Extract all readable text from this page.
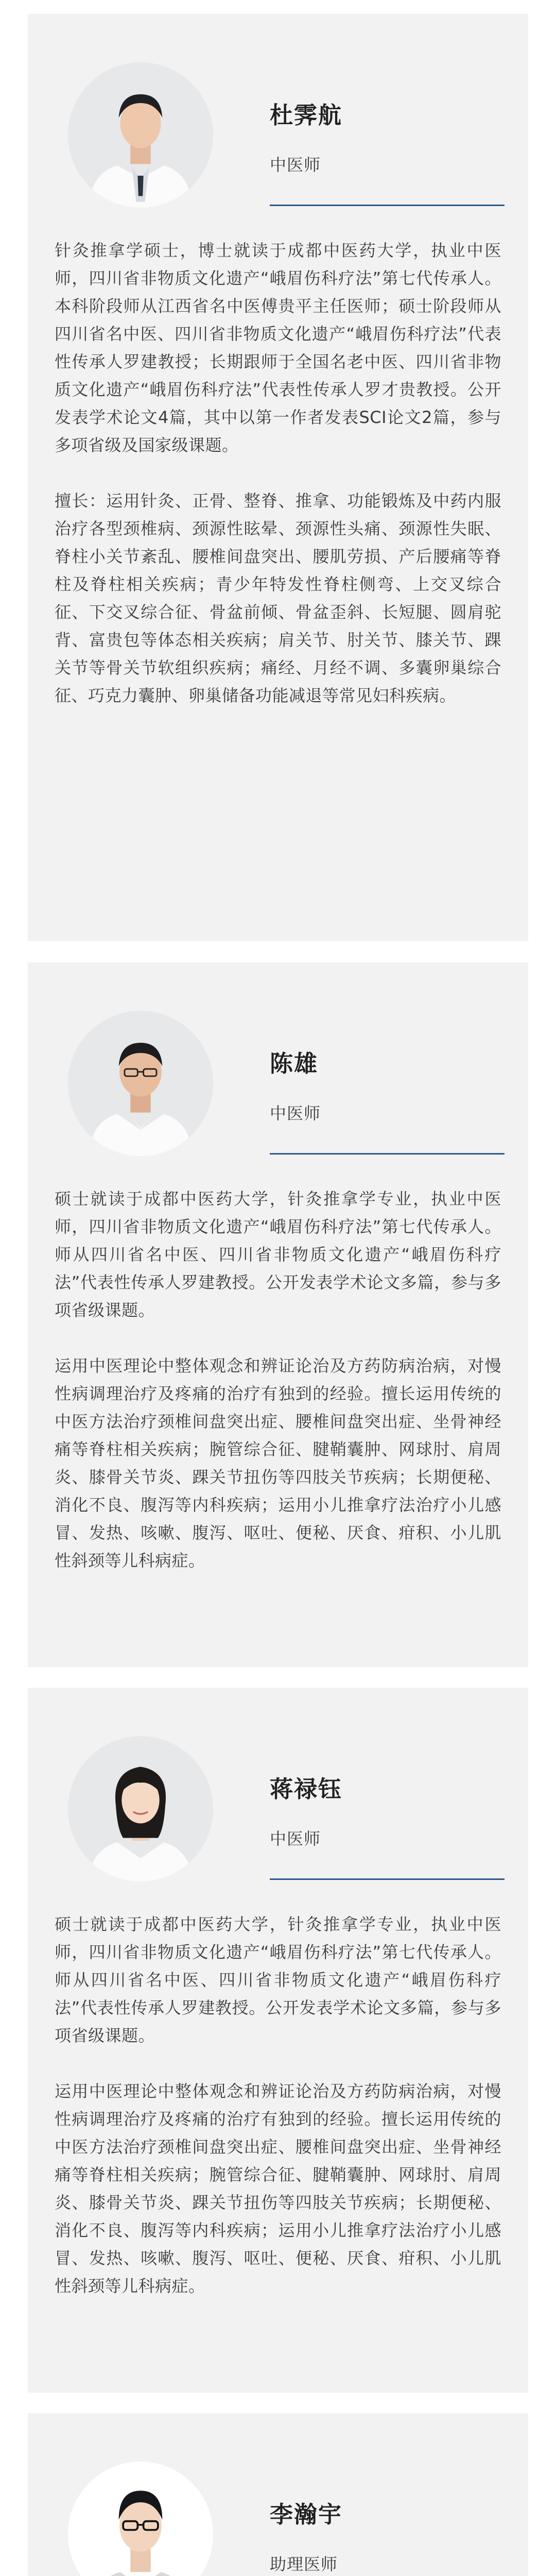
杜霁航
中医师

针灸推拿学硕士，博士就读于成都中医药大学，执业中医师，四川省非物质文化遗产“峨眉伤科疗法”第七代传承人。本科阶段师从江西省名中医傅贵平主任医师；硕士阶段师从四川省名中医、四川省非物质文化遗产“峨眉伤科疗法”代表性传承人罗建教授；长期跟师于全国名老中医、四川省非物质文化遗产“峨眉伤科疗法”代表性传承人罗才贵教授。公开发表学术论文4篇，其中以第一作者发表SCI论文2篇，参与多项省级及国家级课题。

擅长：运用针灸、正骨、整脊、推拿、功能锻炼及中药内服治疗各型颈椎病、颈源性眩晕、颈源性头痛、颈源性失眠、脊柱小关节紊乱、腰椎间盘突出、腰肌劳损、产后腰痛等脊柱及脊柱相关疾病；青少年特发性脊柱侧弯、上交叉综合征、下交叉综合征、骨盆前倾、骨盆歪斜、长短腿、圆肩驼背、富贵包等体态相关疾病；肩关节、肘关节、膝关节、踝关节等骨关节软组织疾病；痛经、月经不调、多囊卵巢综合征、巧克力囊肿、卵巢储备功能减退等常见妇科疾病。

陈雄
中医师

硕士就读于成都中医药大学，针灸推拿学专业，执业中医师，四川省非物质文化遗产“峨眉伤科疗法”第七代传承人。师从四川省名中医、四川省非物质文化遗产“峨眉伤科疗法”代表性传承人罗建教授。公开发表学术论文多篇，参与多项省级课题。

运用中医理论中整体观念和辨证论治及方药防病治病，对慢性病调理治疗及疼痛的治疗有独到的经验。擅长运用传统的中医方法治疗颈椎间盘突出症、腰椎间盘突出症、坐骨神经痛等脊柱相关疾病；腕管综合征、腱鞘囊肿、网球肘、肩周炎、膝骨关节炎、踝关节扭伤等四肢关节疾病；长期便秘、消化不良、腹泻等内科疾病；运用小儿推拿疗法治疗小儿感冒、发热、咳嗽、腹泻、呕吐、便秘、厌食、疳积、小儿肌性斜颈等儿科病症。

蒋禄钰
中医师

硕士就读于成都中医药大学，针灸推拿学专业，执业中医师，四川省非物质文化遗产“峨眉伤科疗法”第七代传承人。师从四川省名中医、四川省非物质文化遗产“峨眉伤科疗法”代表性传承人罗建教授。公开发表学术论文多篇，参与多项省级课题。

运用中医理论中整体观念和辨证论治及方药防病治病，对慢性病调理治疗及疼痛的治疗有独到的经验。擅长运用传统的中医方法治疗颈椎间盘突出症、腰椎间盘突出症、坐骨神经痛等脊柱相关疾病；腕管综合征、腱鞘囊肿、网球肘、肩周炎、膝骨关节炎、踝关节扭伤等四肢关节疾病；长期便秘、消化不良、腹泻等内科疾病；运用小儿推拿疗法治疗小儿感冒、发热、咳嗽、腹泻、呕吐、便秘、厌食、疳积、小儿肌性斜颈等儿科病症。

李瀚宇
助理医师
